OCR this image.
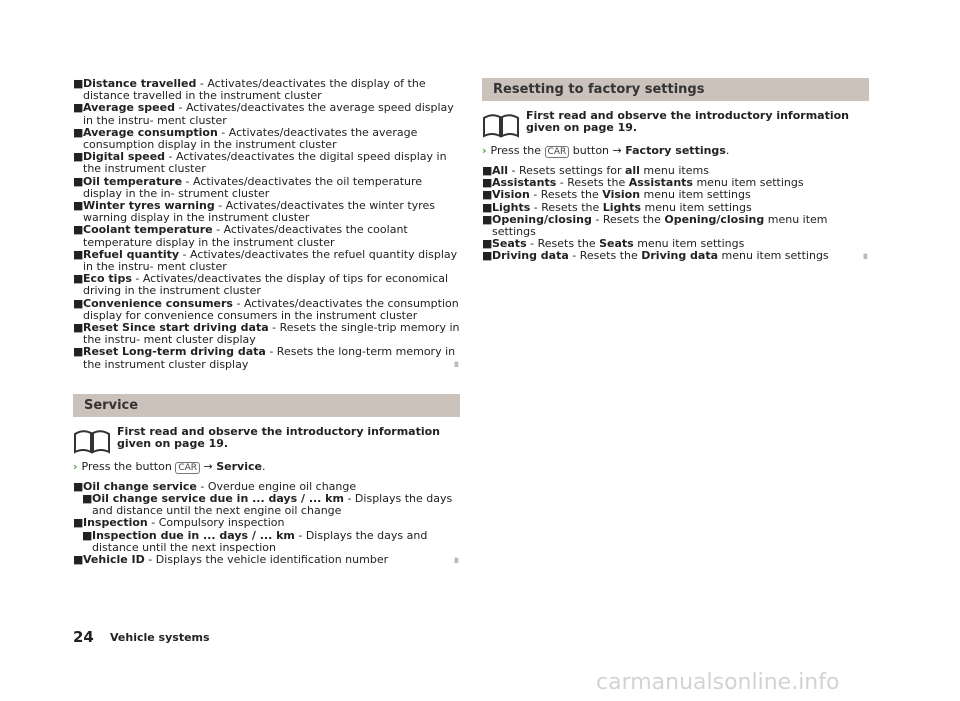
■ Distance travelled - Activates/deactivates the display of the distance travelled in the instrument cluster

■ Average speed - Activates/deactivates the average speed display in the instru- ment cluster

■ Average consumption - Activates/deactivates the average consumption display in the instrument cluster

■ Digital speed - Activates/deactivates the digital speed display in the instrument cluster

■ Oil temperature - Activates/deactivates the oil temperature display in the in- strument cluster

■ Winter tyres warning - Activates/deactivates the winter tyres warning display in the instrument cluster

■ Coolant temperature - Activates/deactivates the coolant temperature display in the instrument cluster

■ Refuel quantity - Activates/deactivates the refuel quantity display in the instru- ment cluster

■ Eco tips - Activates/deactivates the display of tips for economical driving in the instrument cluster

■ Convenience consumers - Activates/deactivates the consumption display for convenience consumers in the instrument cluster

■ Reset Since start driving data - Resets the single-trip memory in the instru- ment cluster display

■ Reset Long-term driving data - Resets the long-term memory in the instrument cluster display	∎

Service
First read and observe the introductory information given on page 19.

› Press the button CAR → Service.

■ Oil change service - Overdue engine oil change

■ Oil change service due in ... days / ... km - Displays the days and distance until the next engine oil change

■ Inspection - Compulsory inspection

■ Inspection due in ... days / ... km - Displays the days and distance until the next inspection

■ Vehicle ID - Displays the vehicle identification number	∎

Resetting to factory settings
First read and observe the introductory information given on page 19.

› Press the CAR button → Factory settings.

■ All - Resets settings for all menu items

■ Assistants - Resets the Assistants menu item settings

■ Vision - Resets the Vision menu item settings

■ Lights - Resets the Lights menu item settings

■ Opening/closing - Resets the Opening/closing menu item settings

■ Seats - Resets the Seats menu item settings

■ Driving data - Resets the Driving data menu item settings	∎

24 Vehicle systems
carmanualsonline.info
